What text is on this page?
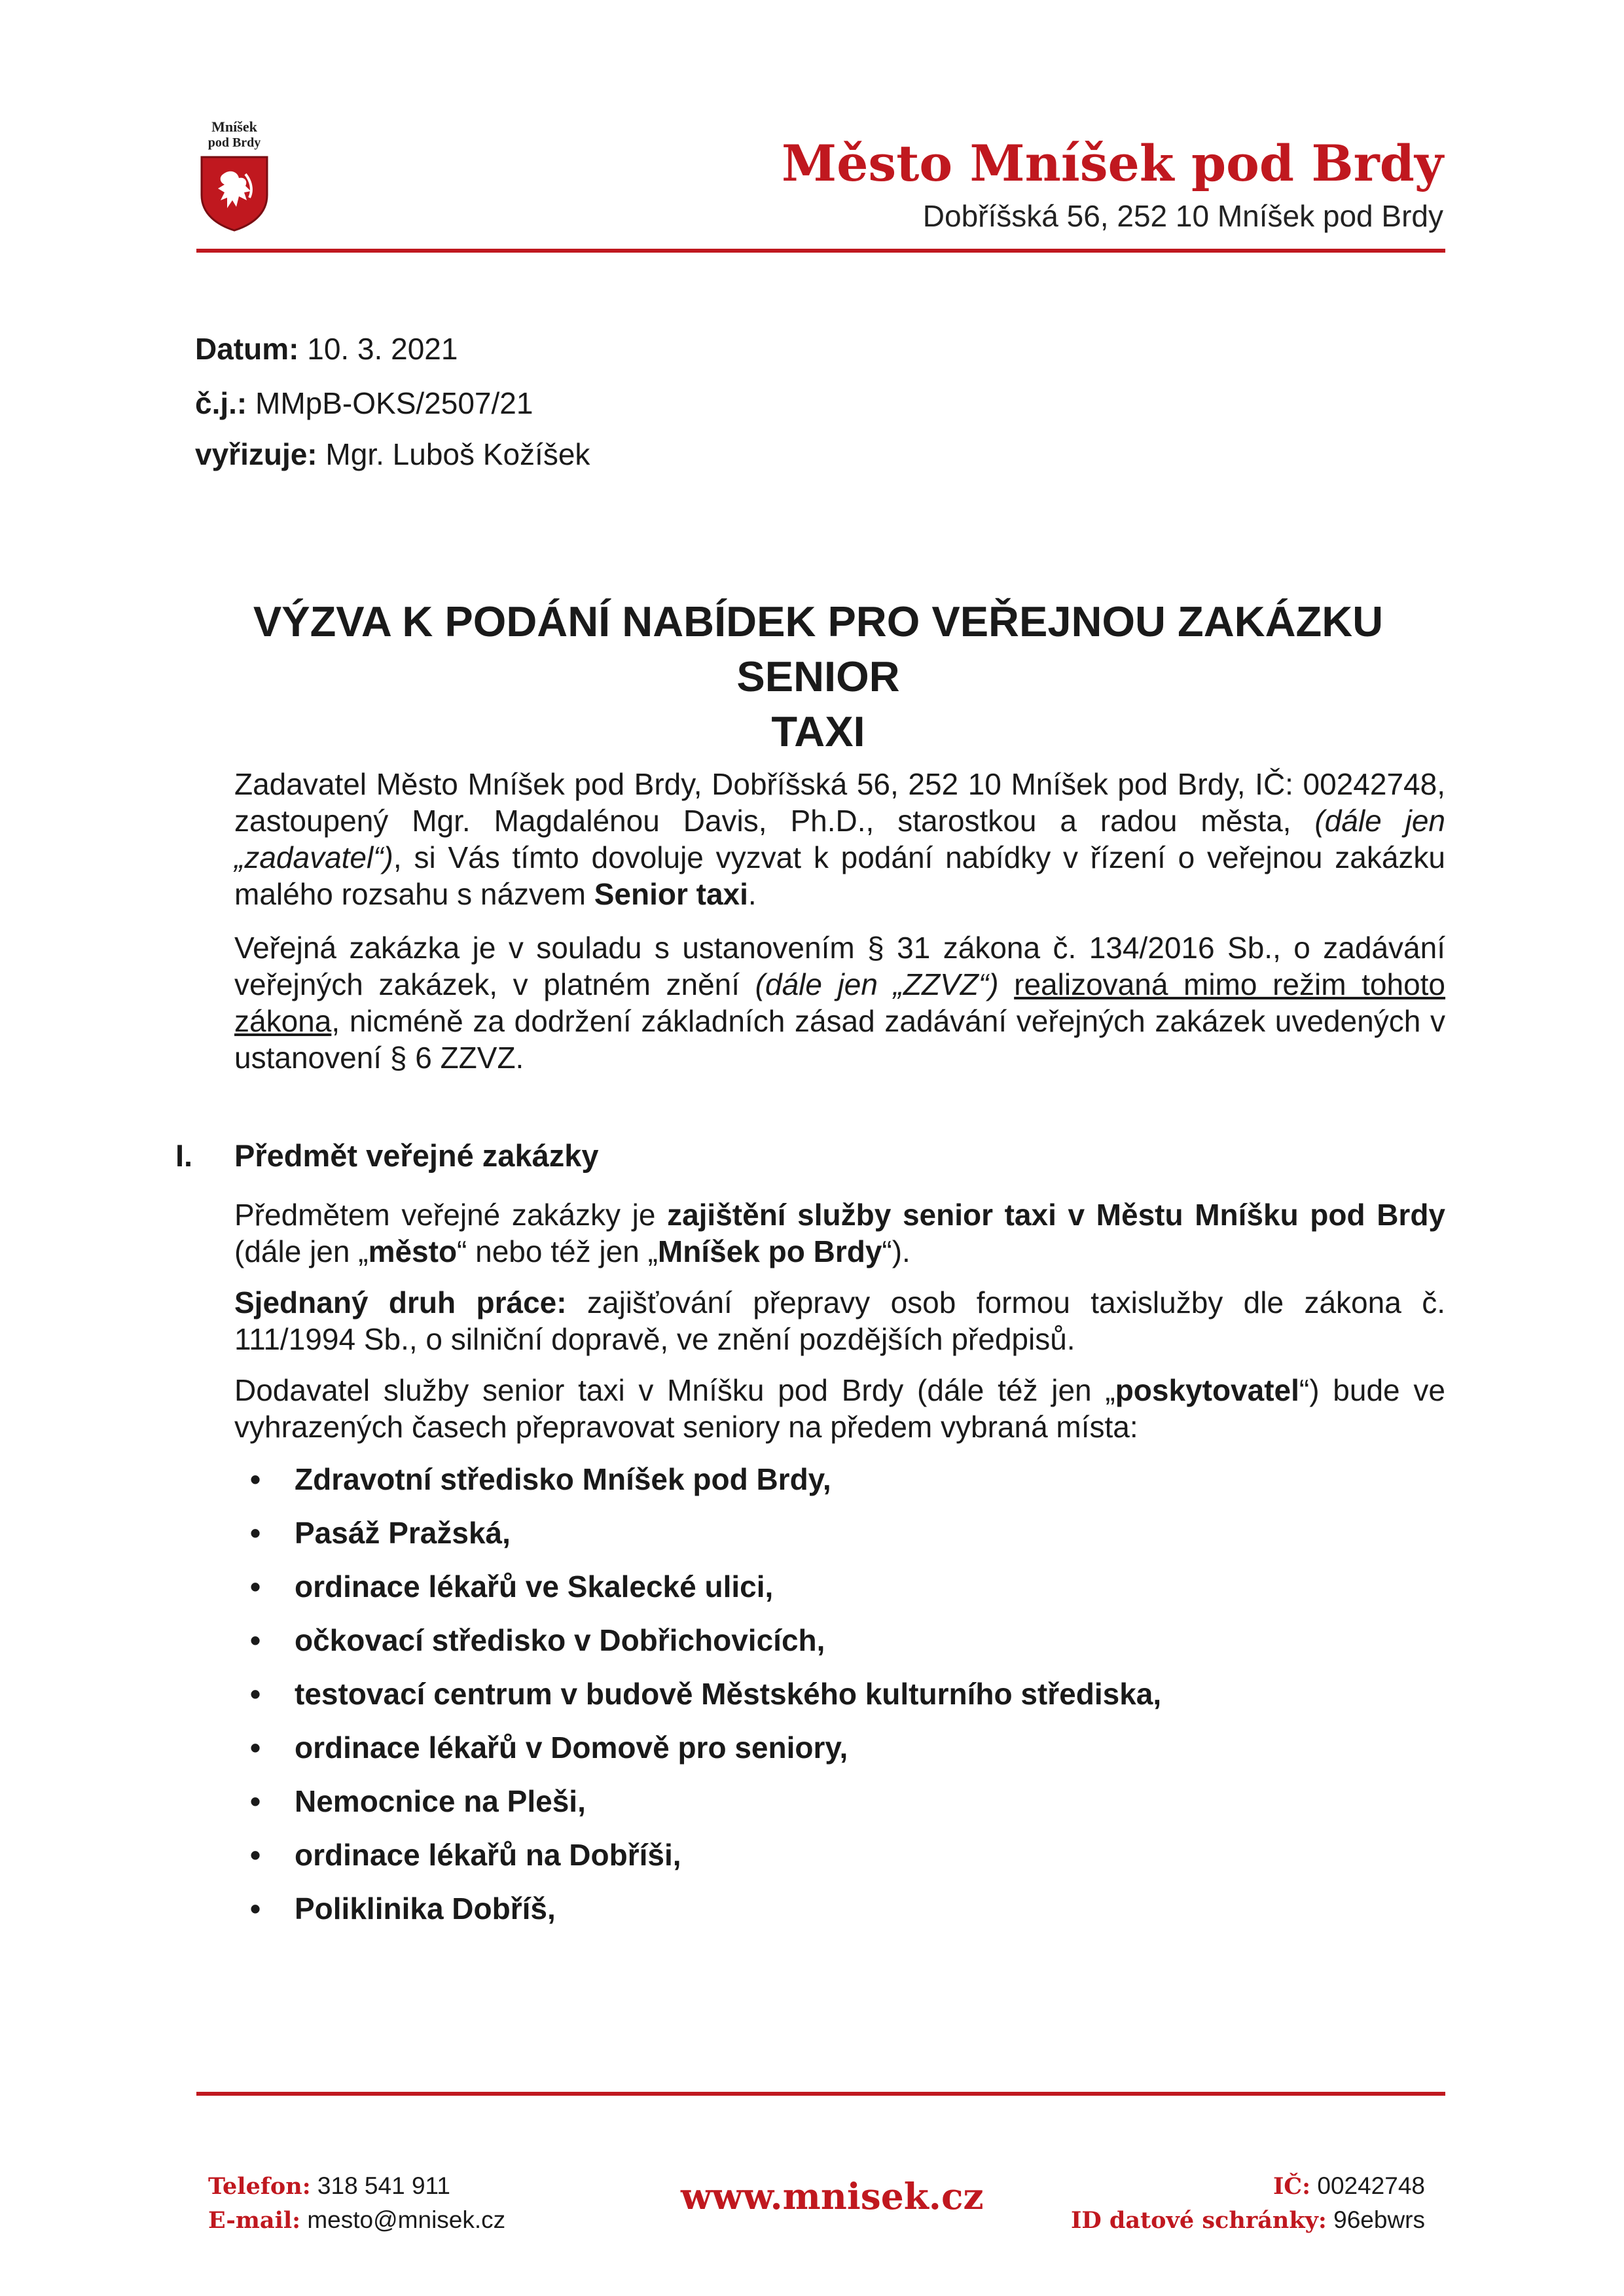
Mníšek
pod Brdy	Město Mníšek pod Brdy
Dobříšská 56, 252 10 Mníšek pod Brdy
Datum: 10. 3. 2021
č.j.: MMpB-OKS/2507/21
vyřizuje: Mgr. Luboš Kožíšek
VÝZVA K PODÁNÍ NABÍDEK PRO VEŘEJNOU ZAKÁZKU SENIOR
TAXI
Zadavatel Město Mníšek pod Brdy, Dobříšská 56, 252 10 Mníšek pod Brdy, IČ: 00242748, zastoupený Mgr. Magdalénou Davis, Ph.D., starostkou a radou města, (dále jen „zadavatel“), si Vás tímto dovoluje vyzvat k podání nabídky v řízení o veřejnou zakázku malého rozsahu s názvem Senior taxi.
Veřejná zakázka je v souladu s ustanovením § 31 zákona č. 134/2016 Sb., o zadávání veřejných zakázek, v platném znění (dále jen „ZZVZ“) realizovaná mimo režim tohoto zákona, nicméně za dodržení základních zásad zadávání veřejných zakázek uvedených v ustanovení § 6 ZZVZ.
I. Předmět veřejné zakázky
Předmětem veřejné zakázky je zajištění služby senior taxi v Městu Mníšku pod Brdy (dále jen „město“ nebo též jen „Mníšek po Brdy“).
Sjednaný druh práce: zajišťování přepravy osob formou taxislužby dle zákona č. 111/1994 Sb., o silniční dopravě, ve znění pozdějších předpisů.
Dodavatel služby senior taxi v Mníšku pod Brdy (dále též jen „poskytovatel“) bude ve vyhrazených časech přepravovat seniory na předem vybraná místa:
• Zdravotní středisko Mníšek pod Brdy,
• Pasáž Pražská,
• ordinace lékařů ve Skalecké ulici,
• očkovací středisko v Dobřichovicích,
• testovací centrum v budově Městského kulturního střediska,
• ordinace lékařů v Domově pro seniory,
• Nemocnice na Pleši,
• ordinace lékařů na Dobříši,
• Poliklinika Dobříš,
Telefon: 318 541 911
E-mail: mesto@mnisek.cz
www.mnisek.cz	IČ: 00242748
ID datové schránky: 96ebwrs
